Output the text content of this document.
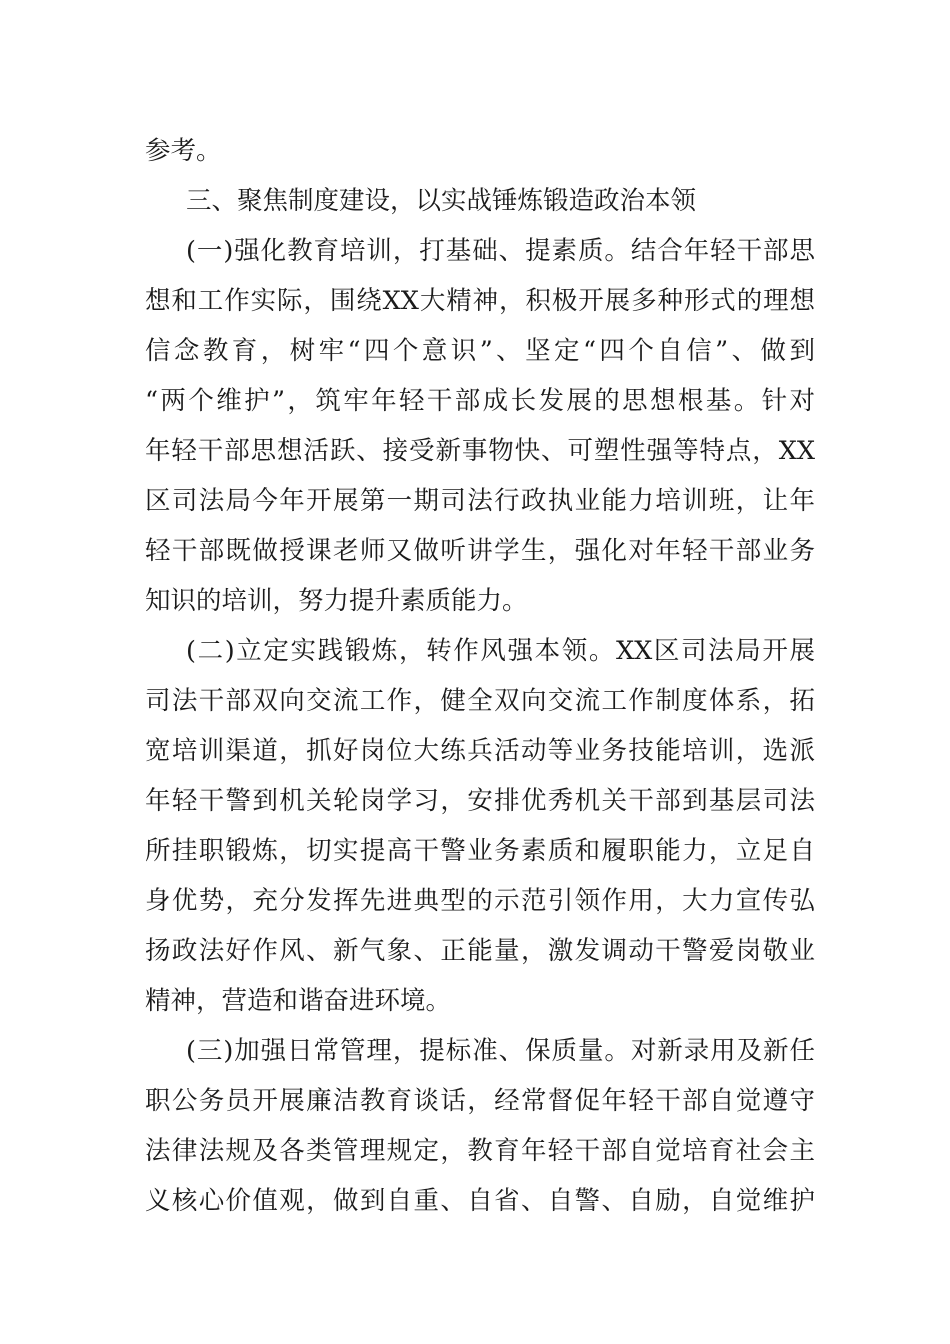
参考。
三、聚焦制度建设，以实战锤炼锻造政治本领
(一)强化教育培训，打基础、提素质。结合年轻干部思
想和工作实际，围绕XX大精神，积极开展多种形式的理想
信念教育，树牢“四个意识”、坚定“四个自信”、做到
“两个维护”，筑牢年轻干部成长发展的思想根基。针对
年轻干部思想活跃、接受新事物快、可塑性强等特点，XX
区司法局今年开展第一期司法行政执业能力培训班，让年
轻干部既做授课老师又做听讲学生，强化对年轻干部业务
知识的培训，努力提升素质能力。
(二)立定实践锻炼，转作风强本领。XX区司法局开展
司法干部双向交流工作，健全双向交流工作制度体系，拓
宽培训渠道，抓好岗位大练兵活动等业务技能培训，选派
年轻干警到机关轮岗学习，安排优秀机关干部到基层司法
所挂职锻炼，切实提高干警业务素质和履职能力，立足自
身优势，充分发挥先进典型的示范引领作用，大力宣传弘
扬政法好作风、新气象、正能量，激发调动干警爱岗敬业
精神，营造和谐奋进环境。
(三)加强日常管理，提标准、保质量。对新录用及新任
职公务员开展廉洁教育谈话，经常督促年轻干部自觉遵守
法律法规及各类管理规定，教育年轻干部自觉培育社会主
义核心价值观，做到自重、自省、自警、自励，自觉维护
